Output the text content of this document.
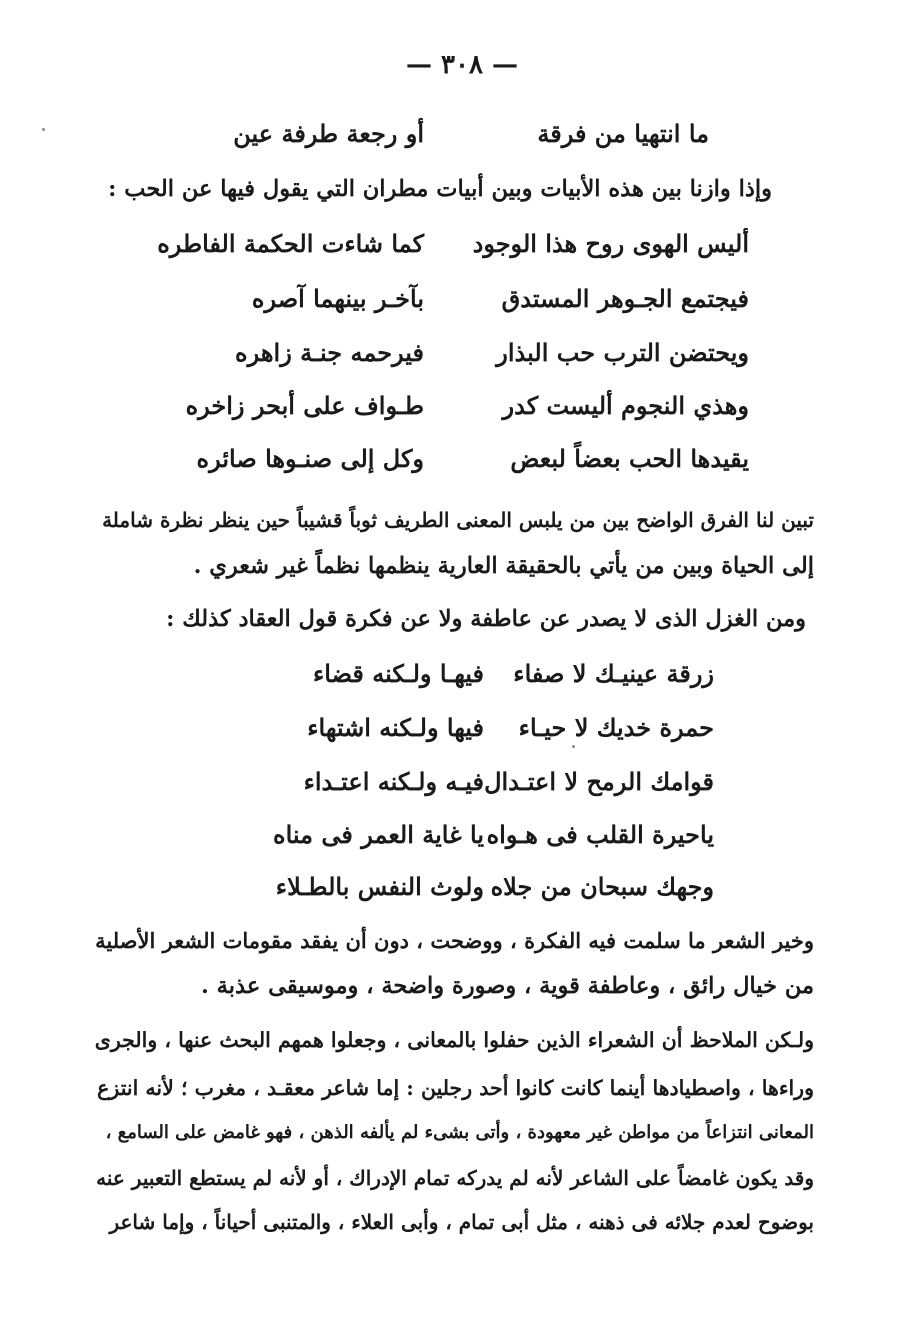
— ٣٠٨ —
ما انتهيا من فرقة
أو رجعة طرفة عين
وإذا وازنا بين هذه الأبيات وبين أبيات مطران التي يقول فيها عن الحب :
أليس الهوى روح هذا الوجود
كما شاءت الحكمة الفاطره
فيجتمع الجـوهر المستدق
بآخـر بينهما آصره
ويحتضن الترب حب البذار
فيرحمه جنـة زاهره
وهذي النجوم أليست كدر
طـواف على أبحر زاخره
يقيدها الحب بعضاً لبعض
وكل إلى صنـوها صائره
تبين لنا الفرق الواضح بين من يلبس المعنى الطريف ثوباً قشيباً حين ينظر نظرة شاملة
إلى الحياة وبين من يأتي بالحقيقة العارية ينظمها نظماً غير شعري .
ومن الغزل الذى لا يصدر عن عاطفة ولا عن فكرة قول العقاد كذلك :
زرقة عينيـك لا صفاء
فيهـا ولـكنه قضاء
حمرة خديك لا حيـاء
فيها ولـكنه اشتهاء
قوامك الرمح لا اعتـدال
فيـه ولـكنه اعتـداء
ياحيرة القلب فى هـواه
يا غاية العمر فى مناه
وجهك سبحان من جلاه
ولوث النفس بالطـلاء
وخير الشعر ما سلمت فيه الفكرة ، ووضحت ، دون أن يفقد مقومات الشعر الأصلية
من خيال رائق ، وعاطفة قوية ، وصورة واضحة ، وموسيقى عذبة .
ولـكن الملاحظ أن الشعراء الذين حفلوا بالمعانى ، وجعلوا همهم البحث عنها ، والجرى
وراءها ، واصطيادها أينما كانت كانوا أحد رجلين : إما شاعر معقـد ، مغرب ؛ لأنه انتزع
المعانى انتزاعاً من مواطن غير معهودة ، وأتى بشىء لم يألفه الذهن ، فهو غامض على السامع ،
وقد يكون غامضاً على الشاعر لأنه لم يدركه تمام الإدراك ، أو لأنه لم يستطع التعبير عنه
بوضوح لعدم جلائه فى ذهنه ، مثل أبى تمام ، وأبى العلاء ، والمتنبى أحياناً ، وإما شاعر
